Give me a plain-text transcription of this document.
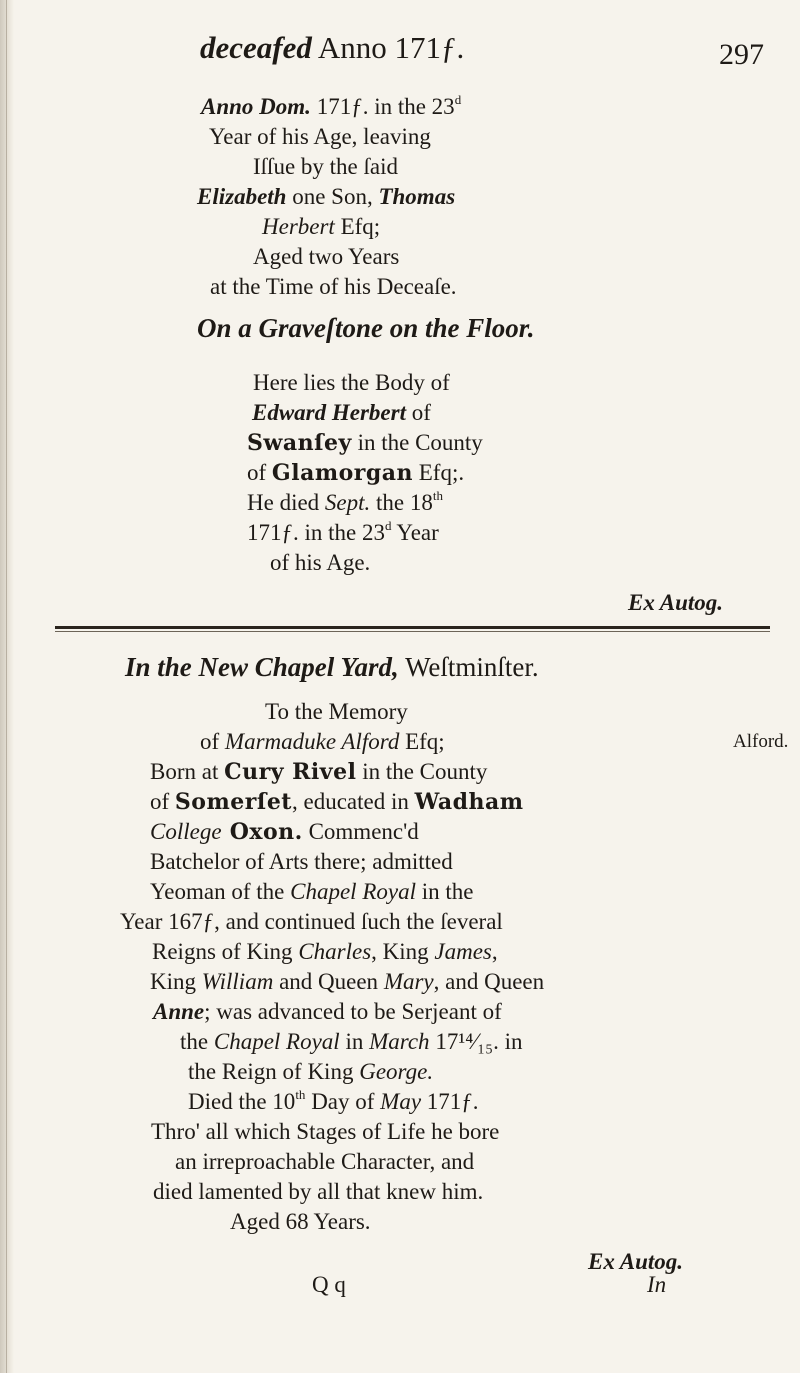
deceafed Anno 171ƒ.	297
Anno Dom. 171ƒ. in the 23$^d$
Year of his Age, leaving
Iſſue by the ſaid
Elizabeth one Son, Thomas
Herbert Efq;
Aged two Years
at the Time of his Deceaſe.
On a Graveſtone on the Floor.
Here lies the Body of
Edward Herbert of
Swanſey in the County
of Glamorgan Efq;.
He died Sept. the 18th
171ƒ. in the 23$^d$ Year
of his Age.
Ex Autog.
In the New Chapel Yard, Weſtminſter.
Alford.
To the Memory
of Marmaduke Alford Efq;
Born at Cury Rivel in the County
of Somerſet, educated in Wadham
College Oxon. Commenc'd
Batchelor of Arts there; admitted
Yeoman of the Chapel Royal in the
Year 167ƒ, and continued ſuch the ſeveral
Reigns of King Charles, King James,
King William and Queen Mary, and Queen
Anne; was advanced to be Serjeant of
the Chapel Royal in March 17¹⁴⁄₁₅. in
the Reign of King George.
Died the 10th Day of May 171ƒ.
Thro' all which Stages of Life he bore
an irreproachable Character, and
died lamented by all that knew him.
Aged 68 Years.
Ex Autog.
Q q	In
